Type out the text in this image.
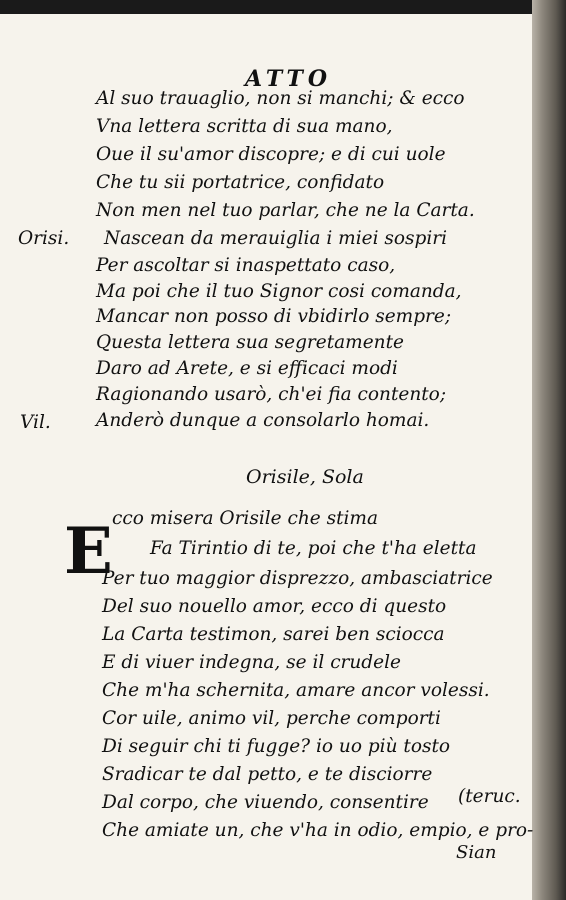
ATTO
Al suo trauaglio, non si manchi; & ecco
Vna lettera scritta di sua mano,
Oue il su'amor discopre; e di cui uole
Che tu sii portatrice, confidato
Non men nel tuo parlar, che ne la Carta.
Nascean da merauiglia i miei sospiri
Per ascoltar si inaspettato caso,
Ma poi che il tuo Signor cosi comanda,
Mancar non posso di vbidirlo sempre;
Questa lettera sua segretamente
Daro ad Arete, e si efficaci modi
Ragionando usarò, ch'ei fia contento;
Anderò dunque a consolarlo homai.
Orisi.
Vil.
Orisile, Sola
E cco misera Orisile che stima
Fa Tirintio di te, poi che t'ha eletta
Per tuo maggior disprezzo, ambasciatrice
Del suo nouello amor, ecco di questo
La Carta testimon, sarei ben sciocca
E di viuer indegna, se il crudele
Che m'ha schernita, amare ancor volessi.
Cor uile, animo vil, perche comporti
Di seguir chi ti fugge? io uo più tosto
Sradicar te dal petto, e te disciorre
Dal corpo, che viuendo, consentire
Che amiate un, che v'ha in odio, empio, e pro-
(teruc.
Sian
